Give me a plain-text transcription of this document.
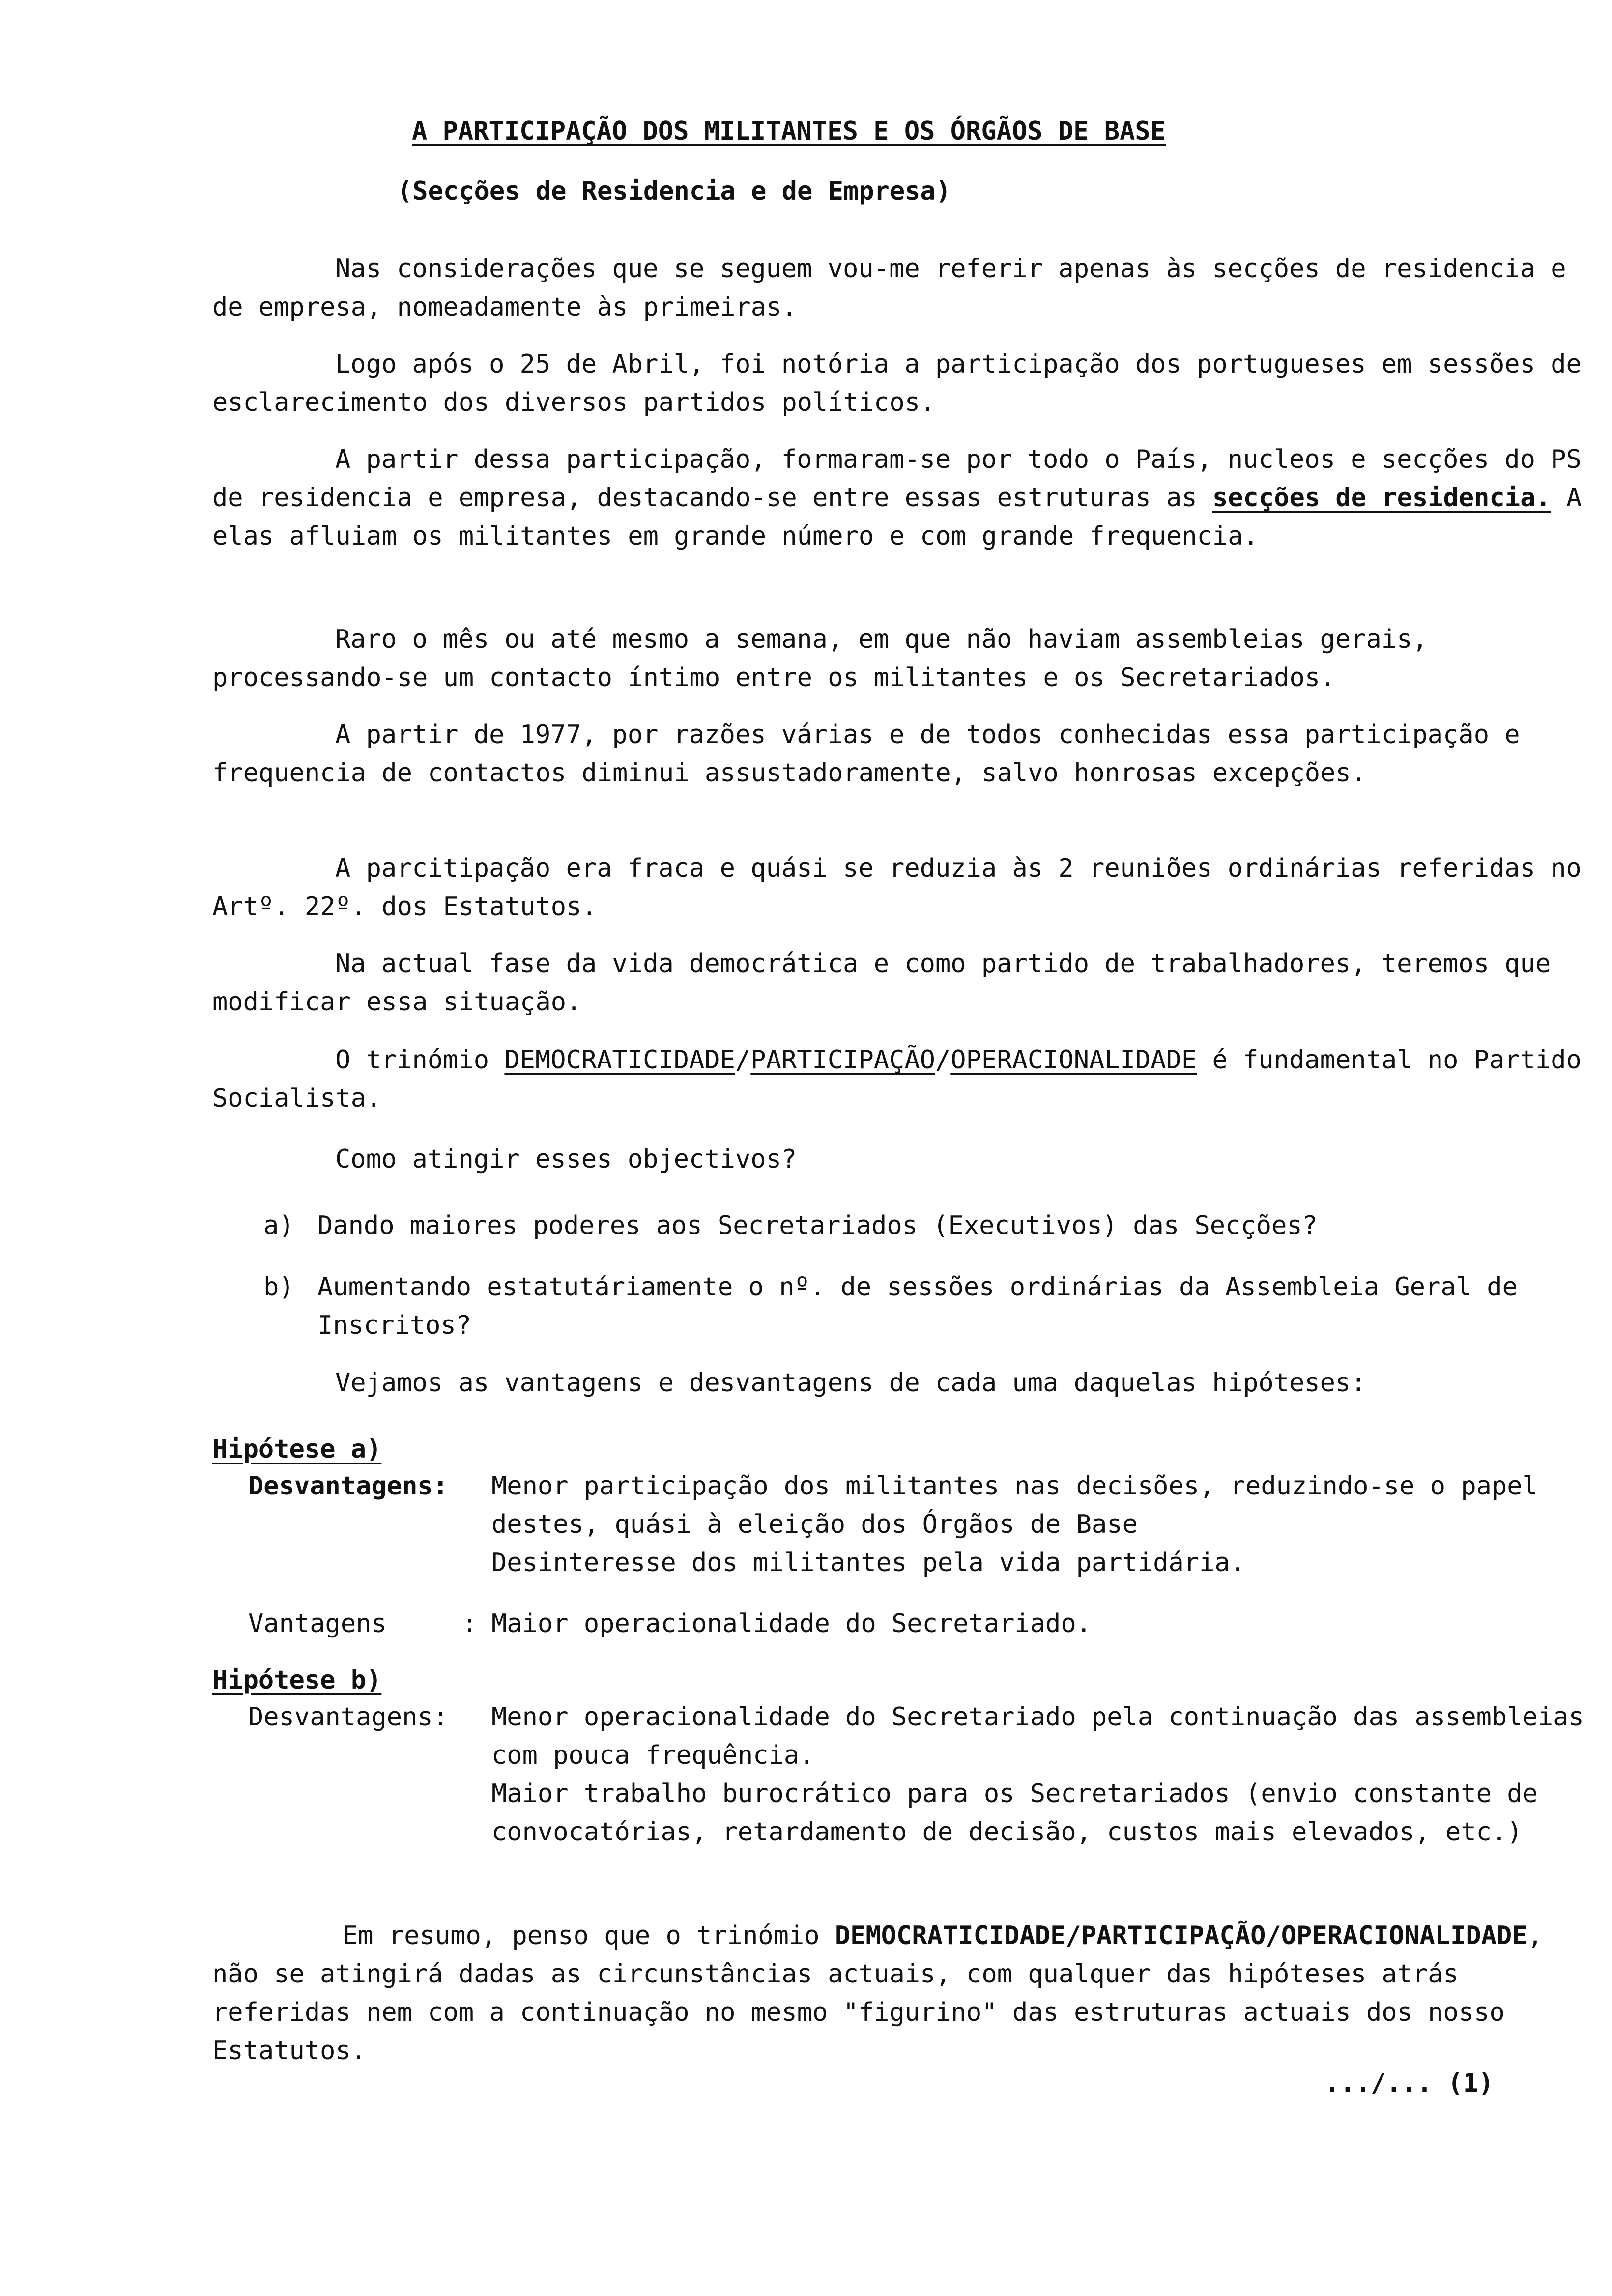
A PARTICIPAÇÃO DOS MILITANTES E OS ÓRGÃOS DE BASE
(Secções de Residencia e de Empresa)

Nas considerações que se seguem vou-me referir apenas às secções de residencia e de empresa, nomeadamente às primeiras.

Logo após o 25 de Abril, foi notória a participação dos portugueses em sessões de esclarecimento dos diversos partidos políticos.

A partir dessa participação, formaram-se por todo o País, nucleos e secções do PS de residencia e empresa, destacando-se entre essas estruturas as secções de residencia. A elas afluiam os militantes em grande número e com grande frequencia.

Raro o mês ou até mesmo a semana, em que não haviam assembleias gerais, processando-se um contacto íntimo entre os militantes e os Secretariados.

A partir de 1977, por razões várias e de todos conhecidas essa participação e frequencia de contactos diminui assustadoramente, salvo honrosas excepções.

A parcitipação era fraca e quási se reduzia às 2 reuniões ordinárias referidas no Artº. 22º. dos Estatutos.

Na actual fase da vida democrática e como partido de trabalhadores, teremos que modificar essa situação.

O trinómio DEMOCRATICIDADE/PARTICIPAÇÃO/OPERACIONALIDADE é fundamental no Partido Socialista.

Como atingir esses objectivos?

a) Dando maiores poderes aos Secretariados (Executivos) das Secções?
b) Aumentando estatutáriamente o nº. de sessões ordinárias da Assembleia Geral de Inscritos?

Vejamos as vantagens e desvantagens de cada uma daquelas hipóteses:

Hipótese a)
Desvantagens: Menor participação dos militantes nas decisões, reduzindo-se o papel destes, quási à eleição dos Órgãos de Base

Desinteresse dos militantes pela vida partidária.

Vantagens	: Maior operacionalidade do Secretariado.

Hipótese b)
Desvantagens: Menor operacionalidade do Secretariado pela continuação das assembleias com pouca frequência.

Maior trabalho burocrático para os Secretariados (envio constante de convocatórias, retardamento de decisão, custos mais elevados, etc.)

Em resumo, penso que o trinómio DEMOCRATICIDADE/PARTICIPAÇÃO/OPERACIONALIDADE, não se atingirá dadas as circunstâncias actuais, com qualquer das hipóteses atrás referidas nem com a continuação no mesmo "figurino" das estruturas actuais dos nosso Estatutos.

.../... (1)
